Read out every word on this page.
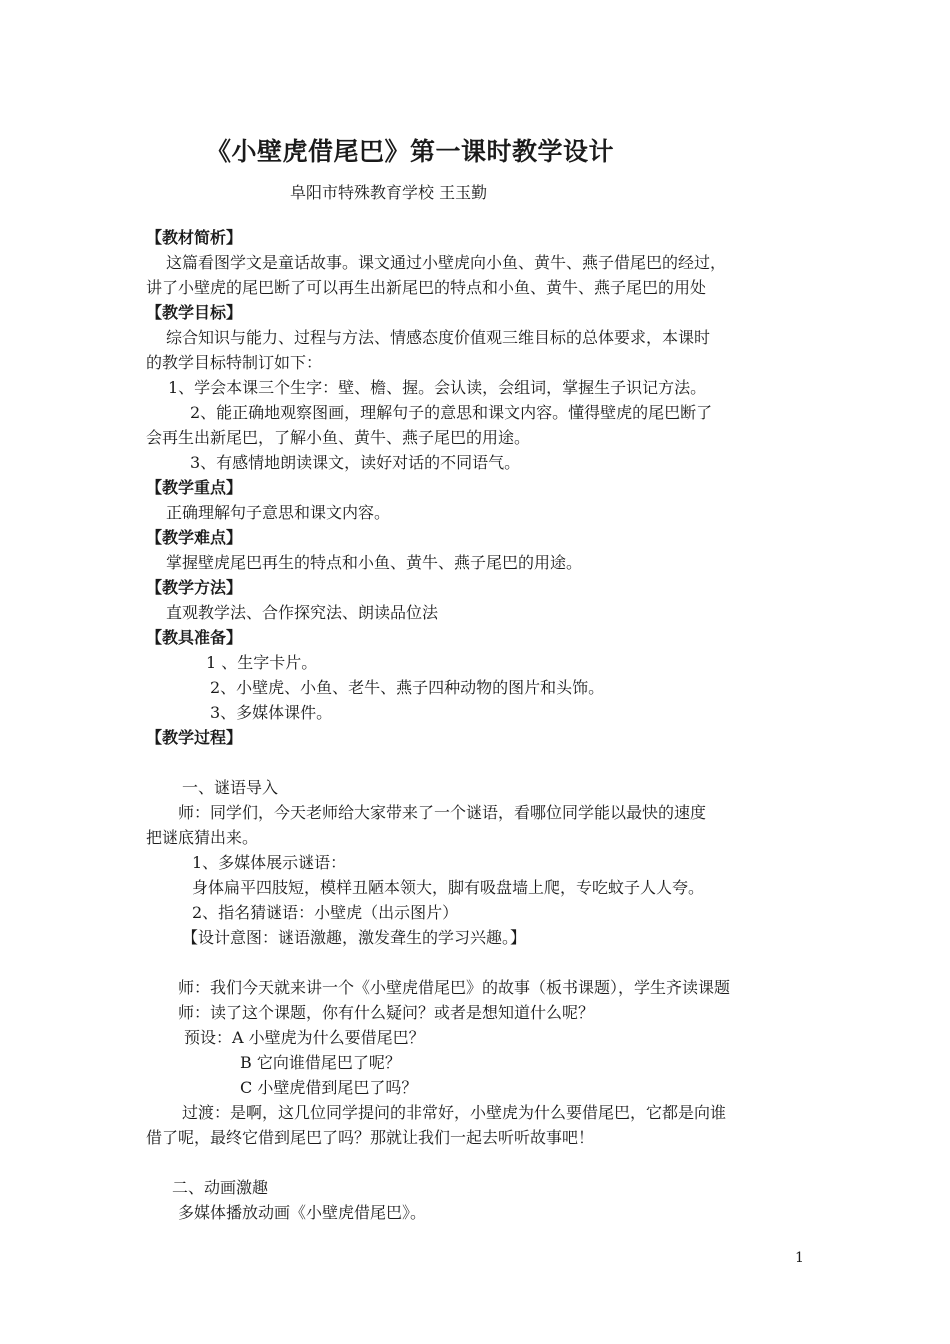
《小壁虎借尾巴》第一课时教学设计
阜阳市特殊教育学校 王玉勤
【教材简析】
这篇看图学文是童话故事。课文通过小壁虎向小鱼、黄牛、燕子借尾巴的经过，
讲了小壁虎的尾巴断了可以再生出新尾巴的特点和小鱼、黄牛、燕子尾巴的用处
【教学目标】
综合知识与能力、过程与方法、情感态度价值观三维目标的总体要求，本课时
的教学目标特制订如下：
1、学会本课三个生字：壁、檐、握。会认读，会组词，掌握生子识记方法。
2、能正确地观察图画，理解句子的意思和课文内容。懂得壁虎的尾巴断了
会再生出新尾巴，了解小鱼、黄牛、燕子尾巴的用途。
3、有感情地朗读课文，读好对话的不同语气。
【教学重点】
正确理解句子意思和课文内容。
【教学难点】
掌握壁虎尾巴再生的特点和小鱼、黄牛、燕子尾巴的用途。
【教学方法】
直观教学法、合作探究法、朗读品位法
【教具准备】
1 、生字卡片。
2、小壁虎、小鱼、老牛、燕子四种动物的图片和头饰。
3、多媒体课件。
【教学过程】
一、谜语导入
师：同学们，今天老师给大家带来了一个谜语，看哪位同学能以最快的速度
把谜底猜出来。
1、多媒体展示谜语：
身体扁平四肢短，模样丑陋本领大，脚有吸盘墙上爬，专吃蚊子人人夸。
2、指名猜谜语：小壁虎（出示图片）
【设计意图：谜语激趣，激发聋生的学习兴趣。】
师：我们今天就来讲一个《小壁虎借尾巴》的故事（板书课题），学生齐读课题
师：读了这个课题，你有什么疑问？或者是想知道什么呢？
预设：A 小壁虎为什么要借尾巴？
B 它向谁借尾巴了呢？
C 小壁虎借到尾巴了吗？
过渡：是啊，这几位同学提问的非常好，小壁虎为什么要借尾巴，它都是向谁
借了呢，最终它借到尾巴了吗？那就让我们一起去听听故事吧！
二、动画激趣
多媒体播放动画《小壁虎借尾巴》。
1
